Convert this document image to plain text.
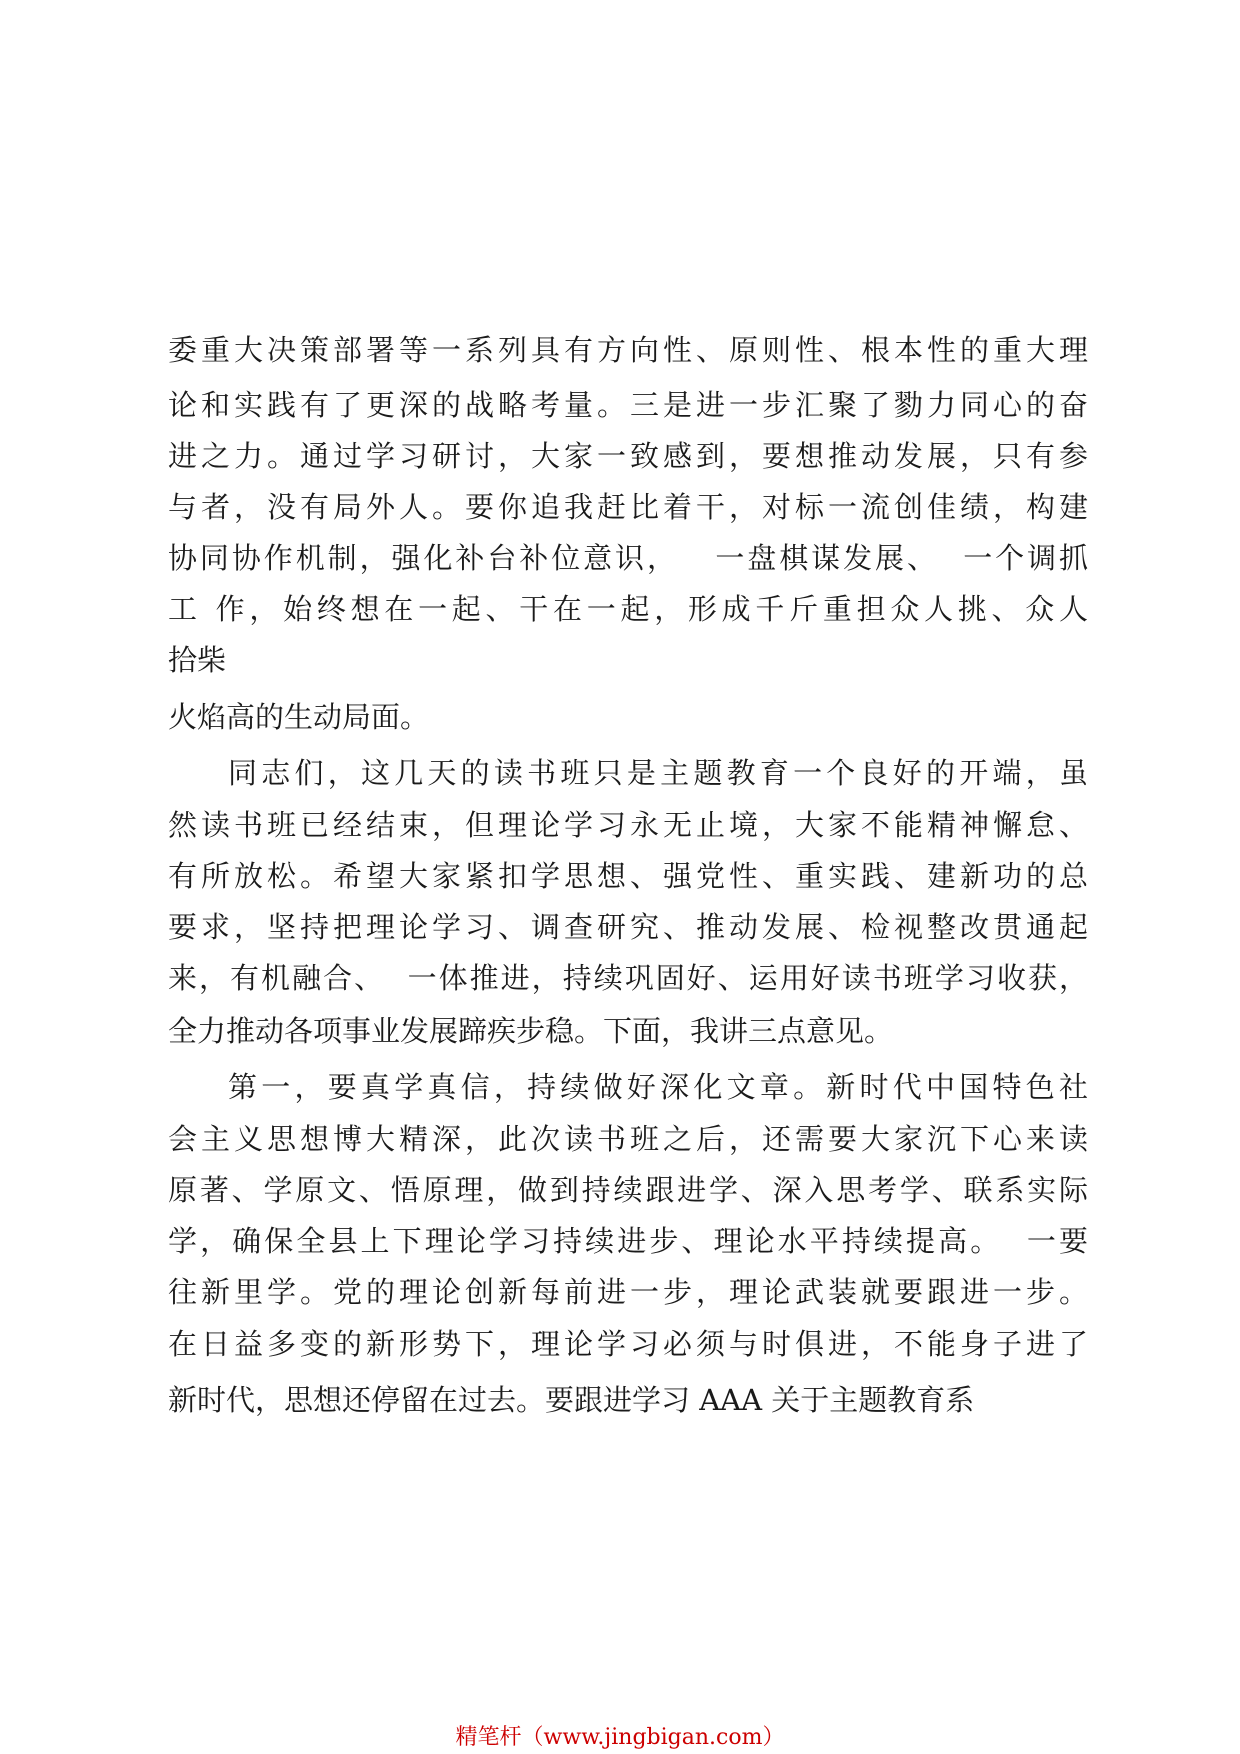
委重大决策部署等一系列具有方向性、原则性、根本性的重大理
论和实践有了更深的战略考量。三是进一步汇聚了勠力同心的奋
进之力。通过学习研讨，大家一致感到，要想推动发展，只有参
与者，没有局外人。要你追我赶比着干，对标一流创佳绩，构建
协同协作机制，强化补台补位意识，   一盘棋谋发展、  一个调抓
工 作，始终想在一起、干在一起，形成千斤重担众人挑、众人
拾柴
火焰高的生动局面。
同志们，这几天的读书班只是主题教育一个良好的开端，虽
然读书班已经结束，但理论学习永无止境，大家不能精神懈怠、
有所放松。希望大家紧扣学思想、强党性、重实践、建新功的总
要求，坚持把理论学习、调查研究、推动发展、检视整改贯通起
来，有机融合、  一体推进，持续巩固好、运用好读书班学习收获，
全力推动各项事业发展蹄疾步稳。下面，我讲三点意见。
第一，要真学真信，持续做好深化文章。新时代中国特色社
会主义思想博大精深，此次读书班之后，还需要大家沉下心来读
原著、学原文、悟原理，做到持续跟进学、深入思考学、联系实际
学，确保全县上下理论学习持续进步、理论水平持续提高。  一要
往新里学。党的理论创新每前进一步，理论武装就要跟进一步。
在日益多变的新形势下，理论学习必须与时俱进，不能身子进了
新时代，思想还停留在过去。要跟进学习 AAA 关于主题教育系
精笔杆（www.jingbigan.com）
